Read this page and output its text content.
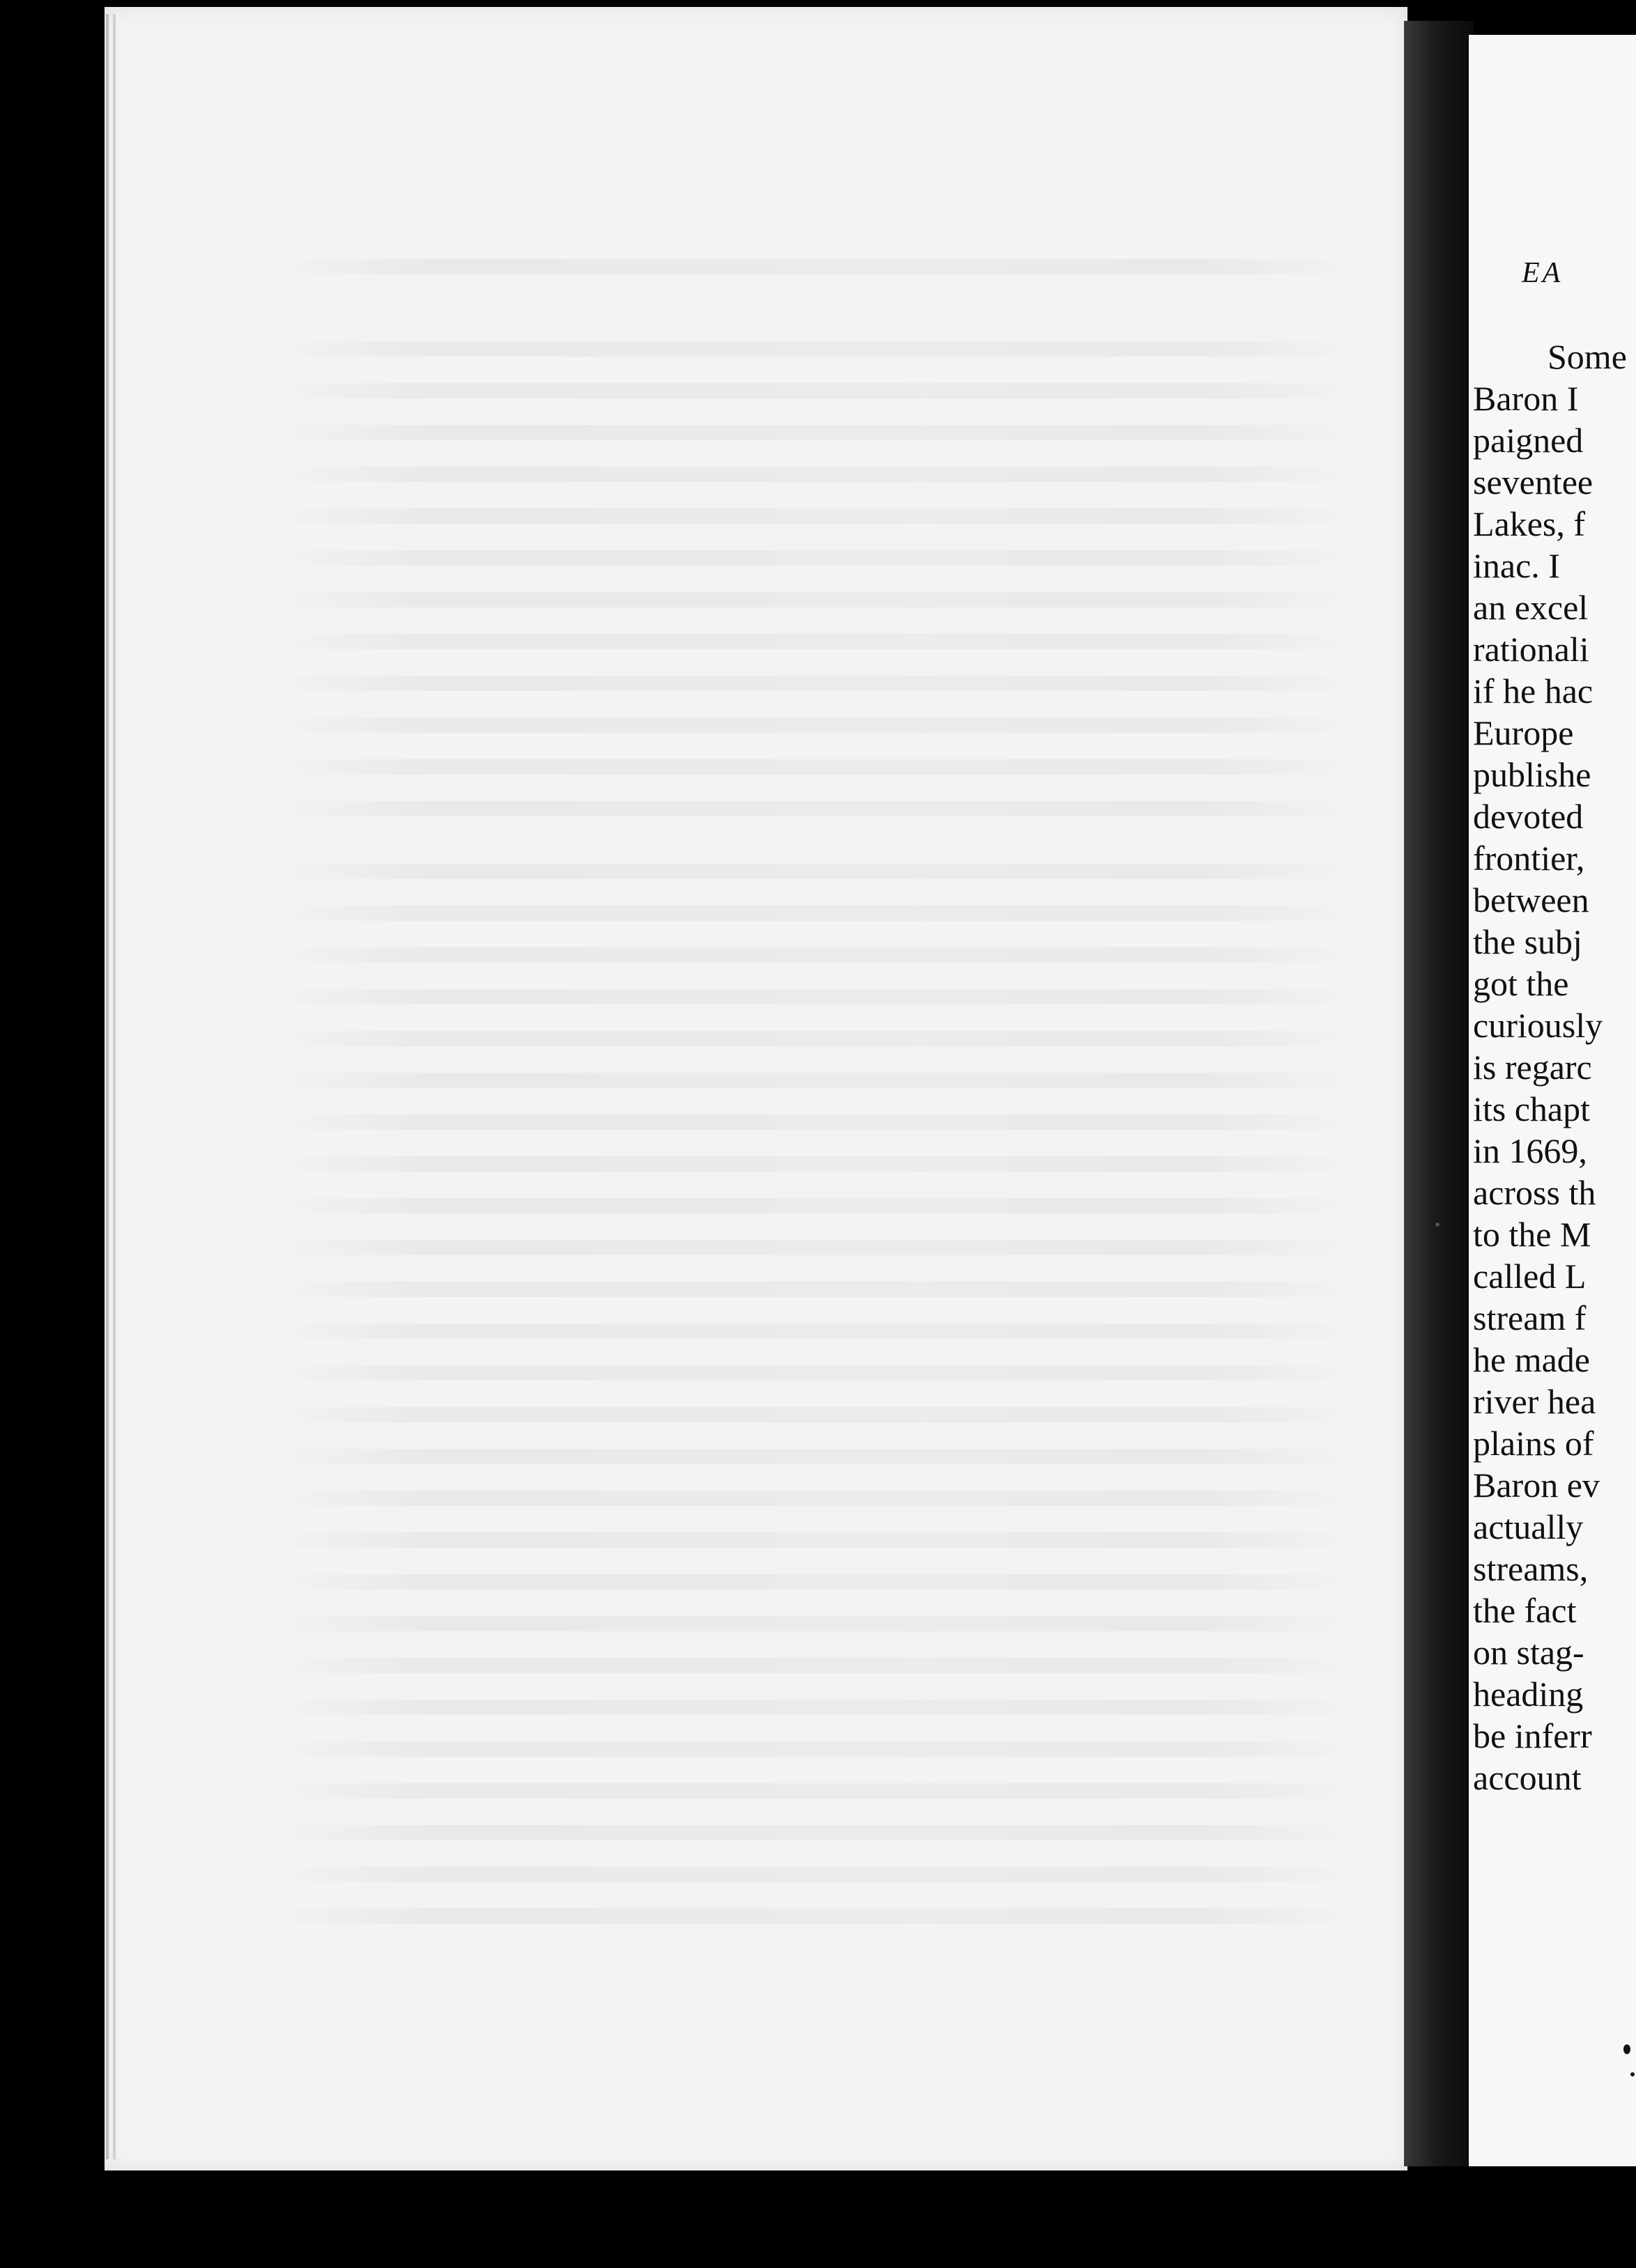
EA
Some
Baron I
paigned
seventee
Lakes, f
inac. I
an excel
rationali
if he hac
Europe
publishe
devoted
frontier,
between
the subj
got the
curiously
is regarc
its chapt
in 1669,
across th
to the M
called L
stream f
he made
river hea
plains of
Baron ev
actually
streams,
the fact
on stag-
heading
be inferr
account
